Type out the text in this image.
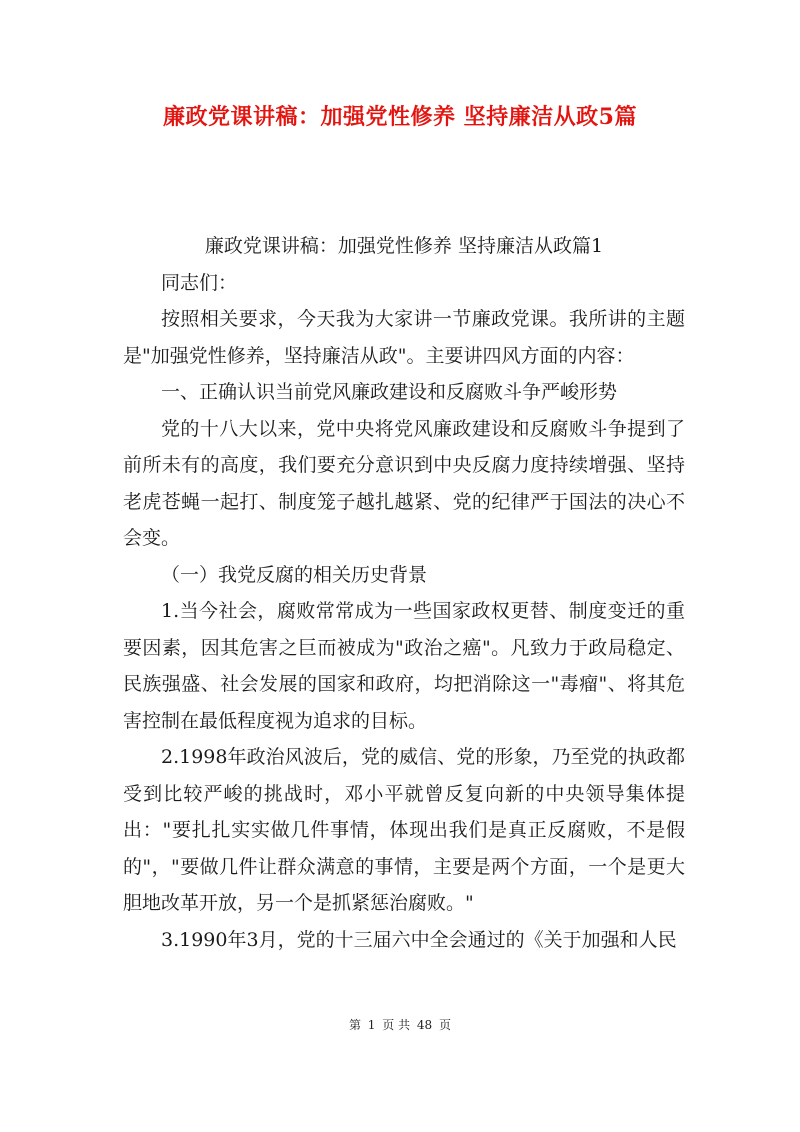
廉政党课讲稿：加强党性修养 坚持廉洁从政5篇

廉政党课讲稿：加强党性修养 坚持廉洁从政篇1

同志们：

按照相关要求，今天我为大家讲一节廉政党课。我所讲的主题是"加强党性修养，坚持廉洁从政"。主要讲四风方面的内容：

一、正确认识当前党风廉政建设和反腐败斗争严峻形势

党的十八大以来，党中央将党风廉政建设和反腐败斗争提到了前所未有的高度，我们要充分意识到中央反腐力度持续增强、坚持老虎苍蝇一起打、制度笼子越扎越紧、党的纪律严于国法的决心不会变。

（一）我党反腐的相关历史背景

1.当今社会，腐败常常成为一些国家政权更替、制度变迁的重要因素，因其危害之巨而被成为"政治之癌"。凡致力于政局稳定、民族强盛、社会发展的国家和政府，均把消除这一"毒瘤"、将其危害控制在最低程度视为追求的目标。

2.1998年政治风波后，党的威信、党的形象，乃至党的执政都受到比较严峻的挑战时，邓小平就曾反复向新的中央领导集体提出："要扎扎实实做几件事情，体现出我们是真正反腐败，不是假的"，"要做几件让群众满意的事情，主要是两个方面，一个是更大胆地改革开放，另一个是抓紧惩治腐败。"

3.1990年3月，党的十三届六中全会通过的《关于加强和人民

第 1 页 共 48 页
